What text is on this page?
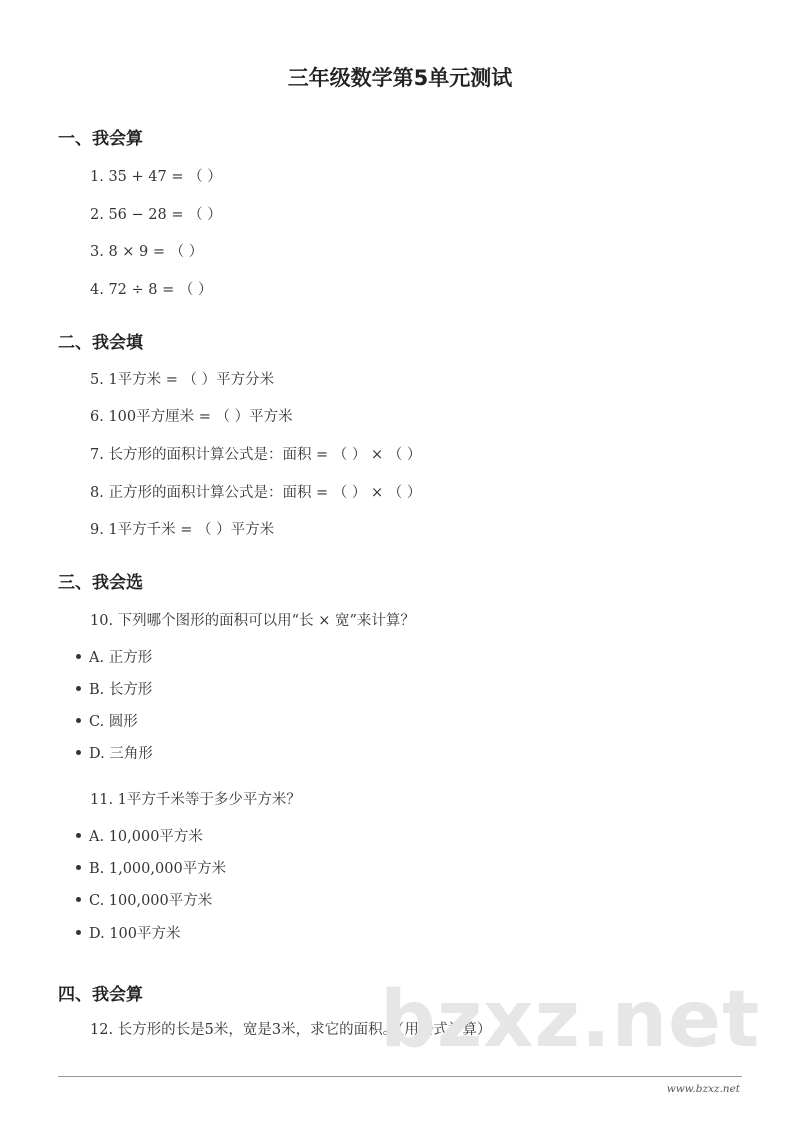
三年级数学第5单元测试
一、我会算
1. 35 + 47 = （ ）
2. 56 − 28 = （ ）
3. 8 × 9 = （ ）
4. 72 ÷ 8 = （ ）
二、我会填
5. 1平方米 = （ ）平方分米
6. 100平方厘米 = （ ）平方米
7. 长方形的面积计算公式是：面积 = （ ） × （ ）
8. 正方形的面积计算公式是：面积 = （ ） × （ ）
9. 1平方千米 = （ ）平方米
三、我会选
10. 下列哪个图形的面积可以用“长 × 宽”来计算？
A. 正方形
B. 长方形
C. 圆形
D. 三角形
11. 1平方千米等于多少平方米？
A. 10,000平方米
B. 1,000,000平方米
C. 100,000平方米
D. 100平方米
四、我会算
12. 长方形的长是5米，宽是3米，求它的面积。（用公式计算）
bzxz.net
www.bzxz.net
